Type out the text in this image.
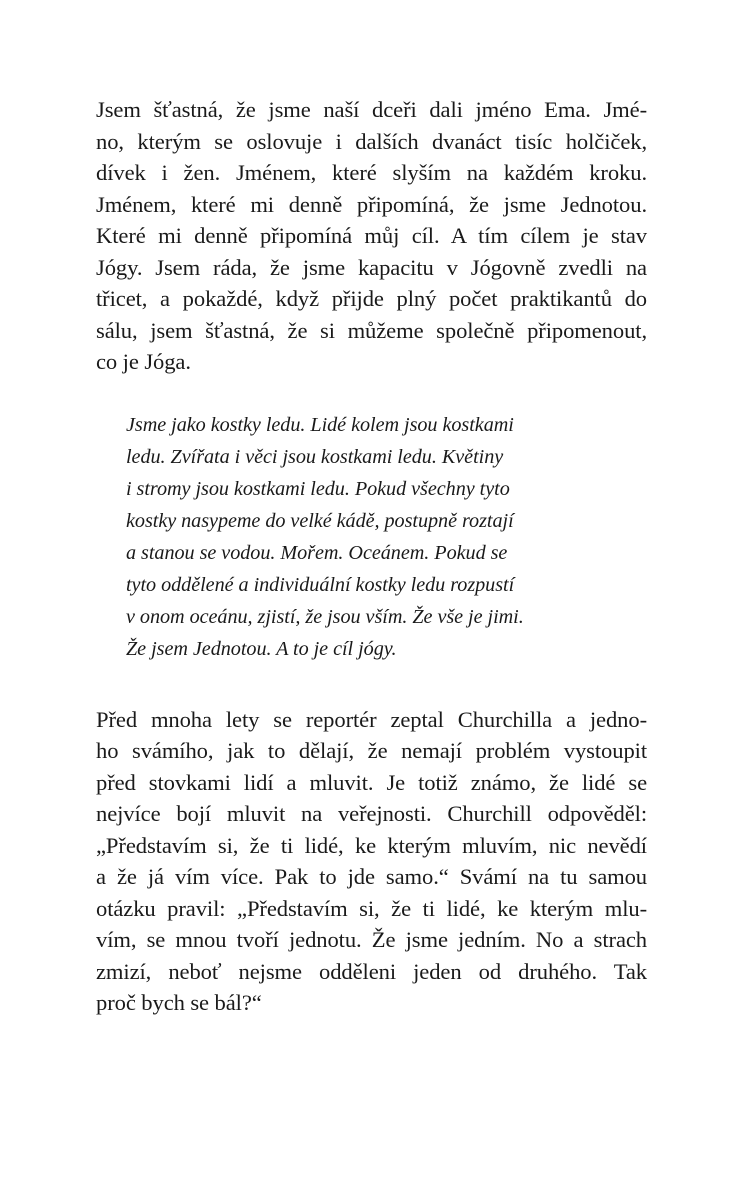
Jsem šťastná, že jsme naší dceři dali jméno Ema. Jmé-
no, kterým se oslovuje i dalších dvanáct tisíc holčiček,
dívek i žen. Jménem, které slyším na každém kroku.
Jménem, které mi denně připomíná, že jsme Jednotou.
Které mi denně připomíná můj cíl. A tím cílem je stav
Jógy. Jsem ráda, že jsme kapacitu v Jógovně zvedli na
třicet, a pokaždé, když přijde plný počet praktikantů do
sálu, jsem šťastná, že si můžeme společně připomenout,
co je Jóga.
Jsme jako kostky ledu. Lidé kolem jsou kostkami
ledu. Zvířata i věci jsou kostkami ledu. Květiny
i stromy jsou kostkami ledu. Pokud všechny tyto
kostky nasypeme do velké kádě, postupně roztají
a stanou se vodou. Mořem. Oceánem. Pokud se
tyto oddělené a individuální kostky ledu rozpustí
v onom oceánu, zjistí, že jsou vším. Že vše je jimi.
Že jsem Jednotou. A to je cíl jógy.
Před mnoha lety se reportér zeptal Churchilla a jedno-
ho svámího, jak to dělají, že nemají problém vystoupit
před stovkami lidí a mluvit. Je totiž známo, že lidé se
nejvíce bojí mluvit na veřejnosti. Churchill odpověděl:
„Představím si, že ti lidé, ke kterým mluvím, nic nevědí
a že já vím více. Pak to jde samo.“ Svámí na tu samou
otázku pravil: „Představím si, že ti lidé, ke kterým mlu-
vím, se mnou tvoří jednotu. Že jsme jedním. No a strach
zmizí, neboť nejsme odděleni jeden od druhého. Tak
proč bych se bál?“
